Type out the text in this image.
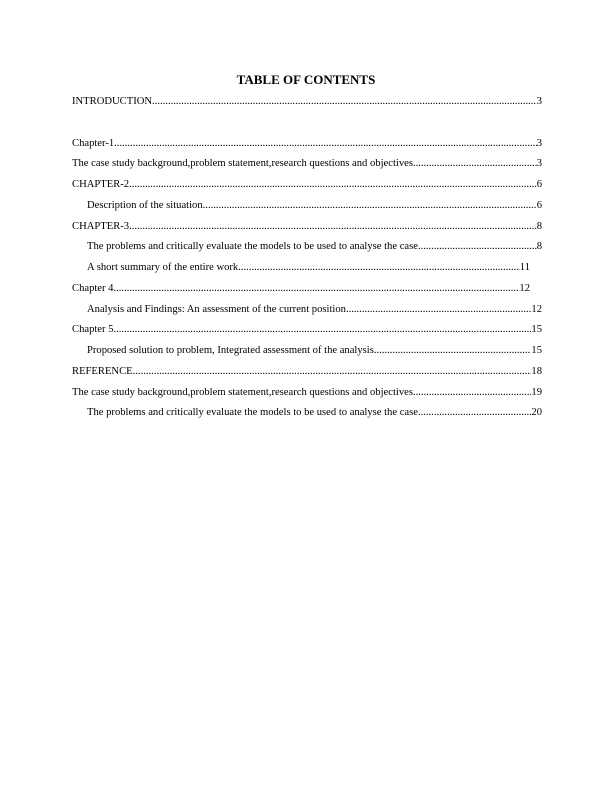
TABLE OF CONTENTS
INTRODUCTION .....	3
Chapter-1 .....	3
The case study background,problem statement,research questions and objectives .....	3
CHAPTER-2 .....	6
Description of the situation .....	6
CHAPTER-3 .....	8
The problems and critically evaluate the models to be used to analyse the case .....	8
A short summary of the entire work .....	11
Chapter 4 .....	12
Analysis and Findings: An assessment of the current position .....	12
Chapter 5 .....	15
Proposed solution to problem, Integrated assessment of the analysis .....	15
REFERENCE .....	18
The case study background,problem statement,research questions and objectives .....	19
The problems and critically evaluate the models to be used to analyse the case .....	20
